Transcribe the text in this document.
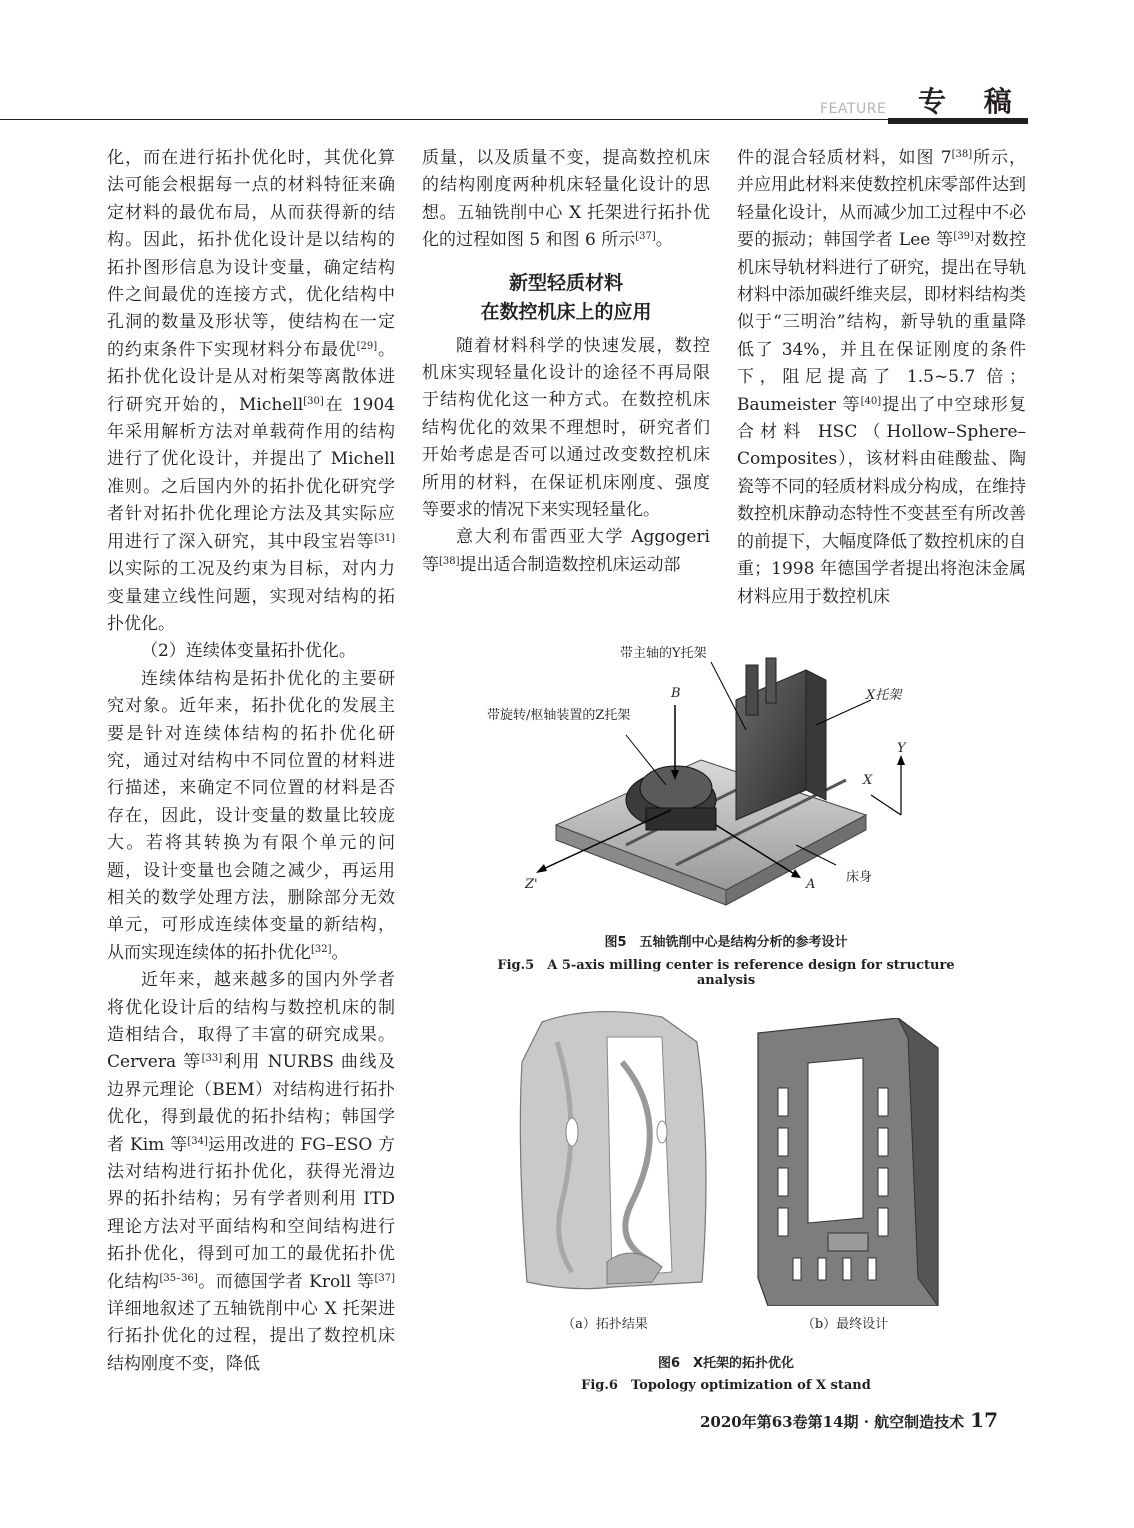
FEATURE 专 稿

化，而在进行拓扑优化时，其优化算法可能会根据每一点的材料特征来确定材料的最优布局，从而获得新的结构。因此，拓扑优化设计是以结构的拓扑图形信息为设计变量，确定结构件之间最优的连接方式，优化结构中孔洞的数量及形状等，使结构在一定的约束条件下实现材料分布最优[29]。拓扑优化设计是从对桁架等离散体进行研究开始的，Michell[30]在 1904 年采用解析方法对单载荷作用的结构进行了优化设计，并提出了 Michell 准则。之后国内外的拓扑优化研究学者针对拓扑优化理论方法及其实际应用进行了深入研究，其中段宝岩等[31]以实际的工况及约束为目标，对内力变量建立线性问题，实现对结构的拓扑优化。

（2）连续体变量拓扑优化。

连续体结构是拓扑优化的主要研究对象。近年来，拓扑优化的发展主要是针对连续体结构的拓扑优化研究，通过对结构中不同位置的材料进行描述，来确定不同位置的材料是否存在，因此，设计变量的数量比较庞大。若将其转换为有限个单元的问题，设计变量也会随之减少，再运用相关的数学处理方法，删除部分无效单元，可形成连续体变量的新结构，从而实现连续体的拓扑优化[32]。

近年来，越来越多的国内外学者将优化设计后的结构与数控机床的制造相结合，取得了丰富的研究成果。Cervera 等[33]利用 NURBS 曲线及边界元理论（BEM）对结构进行拓扑优化，得到最优的拓扑结构；韩国学者 Kim 等[34]运用改进的 FG–ESO 方法对结构进行拓扑优化，获得光滑边界的拓扑结构；另有学者则利用 ITD 理论方法对平面结构和空间结构进行拓扑优化，得到可加工的最优拓扑优化结构[35–36]。而德国学者 Kroll 等[37]详细地叙述了五轴铣削中心 X 托架进行拓扑优化的过程，提出了数控机床结构刚度不变，降低

质量，以及质量不变，提高数控机床的结构刚度两种机床轻量化设计的思想。五轴铣削中心 X 托架进行拓扑优化的过程如图 5 和图 6 所示[37]。

新型轻质材料
在数控机床上的应用

随着材料科学的快速发展，数控机床实现轻量化设计的途径不再局限于结构优化这一种方式。在数控机床结构优化的效果不理想时，研究者们开始考虑是否可以通过改变数控机床所用的材料，在保证机床刚度、强度等要求的情况下来实现轻量化。

意大利布雷西亚大学 Aggogeri 等[38]提出适合制造数控机床运动部

件的混合轻质材料，如图 7[38]所示，并应用此材料来使数控机床零部件达到轻量化设计，从而减少加工过程中不必要的振动；韩国学者 Lee 等[39]对数控机床导轨材料进行了研究，提出在导轨材料中添加碳纤维夹层，即材料结构类似于“三明治”结构，新导轨的重量降低了 34%，并且在保证刚度的条件下，阻尼提高了 1.5~5.7 倍；Baumeister 等[40]提出了中空球形复合材料 HSC（Hollow–Sphere–Composites），该材料由硅酸盐、陶瓷等不同的轻质材料成分构成，在维持数控机床静动态特性不变甚至有所改善的前提下，大幅度降低了数控机床的自重；1998 年德国学者提出将泡沫金属材料应用于数控机床

带主轴的Y托架
B	X托架
带旋转/枢轴装置的Z托架
Y
X
Z'	A 床身
图5　五轴铣削中心是结构分析的参考设计
Fig.5　A 5-axis milling center is reference design for structure analysis
（a）拓扑结果	（b）最终设计
图6　X托架的拓扑优化
Fig.6　Topology optimization of X stand
2020年第63卷第14期 · 航空制造技术 17
